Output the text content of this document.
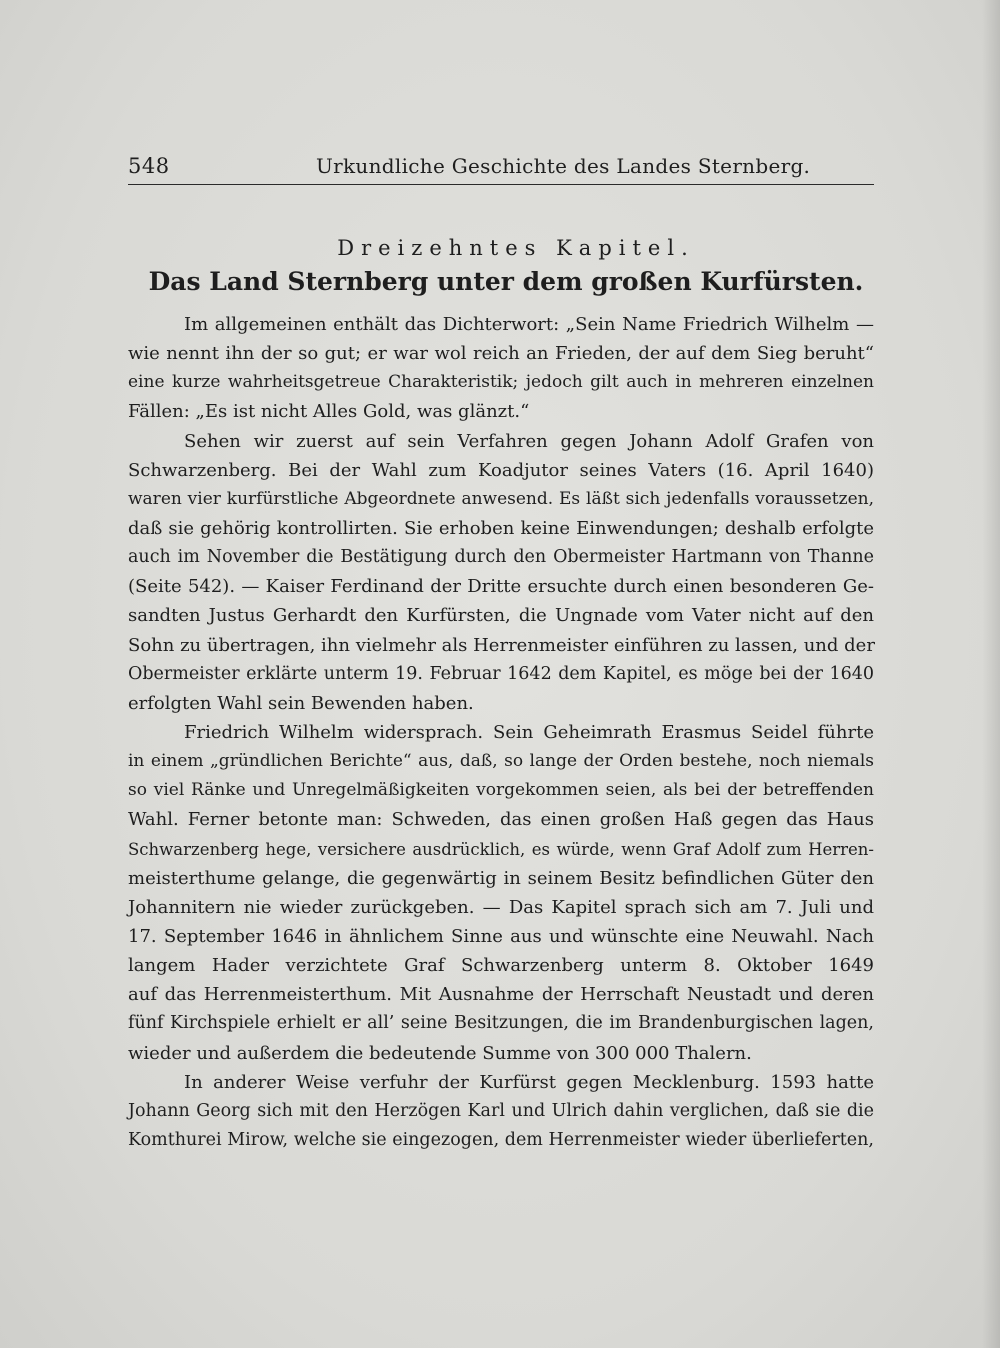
548	Urkundliche Geschichte des Landes Sternberg.
Dreizehntes Kapitel.
Das Land Sternberg unter dem großen Kurfürsten.
Im allgemeinen enthält das Dichterwort: „Sein Name Friedrich Wilhelm —
wie nennt ihn der so gut; er war wol reich an Frieden, der auf dem Sieg beruht“
eine kurze wahrheitsgetreue Charakteristik; jedoch gilt auch in mehreren einzelnen
Fällen: „Es ist nicht Alles Gold, was glänzt.“
Sehen wir zuerst auf sein Verfahren gegen Johann Adolf Grafen von
Schwarzenberg. Bei der Wahl zum Koadjutor seines Vaters (16. April 1640)
waren vier kurfürstliche Abgeordnete anwesend. Es läßt sich jedenfalls voraussetzen,
daß sie gehörig kontrollirten. Sie erhoben keine Einwendungen; deshalb erfolgte
auch im November die Bestätigung durch den Obermeister Hartmann von Thanne
(Seite 542). — Kaiser Ferdinand der Dritte ersuchte durch einen besonderen Ge-
sandten Justus Gerhardt den Kurfürsten, die Ungnade vom Vater nicht auf den
Sohn zu übertragen, ihn vielmehr als Herrenmeister einführen zu lassen, und der
Obermeister erklärte unterm 19. Februar 1642 dem Kapitel, es möge bei der 1640
erfolgten Wahl sein Bewenden haben.
Friedrich Wilhelm widersprach. Sein Geheimrath Erasmus Seidel führte
in einem „gründlichen Berichte“ aus, daß, so lange der Orden bestehe, noch niemals
so viel Ränke und Unregelmäßigkeiten vorgekommen seien, als bei der betreffenden
Wahl. Ferner betonte man: Schweden, das einen großen Haß gegen das Haus
Schwarzenberg hege, versichere ausdrücklich, es würde, wenn Graf Adolf zum Herren-
meisterthume gelange, die gegenwärtig in seinem Besitz befindlichen Güter den
Johannitern nie wieder zurückgeben. — Das Kapitel sprach sich am 7. Juli und
17. September 1646 in ähnlichem Sinne aus und wünschte eine Neuwahl. Nach
langem Hader verzichtete Graf Schwarzenberg unterm 8. Oktober 1649
auf das Herrenmeisterthum. Mit Ausnahme der Herrschaft Neustadt und deren
fünf Kirchspiele erhielt er all’ seine Besitzungen, die im Brandenburgischen lagen,
wieder und außerdem die bedeutende Summe von 300 000 Thalern.
In anderer Weise verfuhr der Kurfürst gegen Mecklenburg. 1593 hatte
Johann Georg sich mit den Herzögen Karl und Ulrich dahin verglichen, daß sie die
Komthurei Mirow, welche sie eingezogen, dem Herrenmeister wieder überlieferten,
